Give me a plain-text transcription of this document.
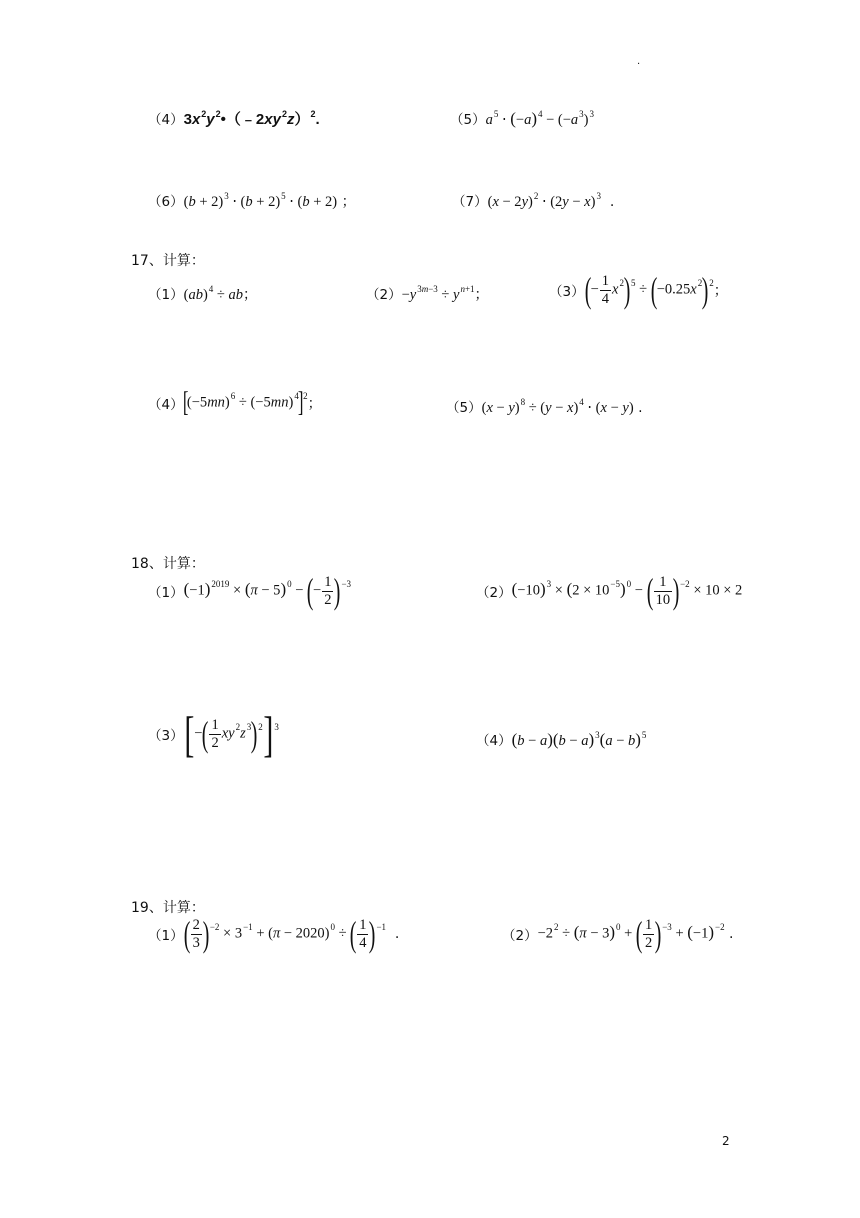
.
$(4)3x^2y^2•(﹣2xy^2z)^2$.	$(5)a^5 \cdot (-a)^4 - (-a^3)^3$
$(6)(b + 2)^3 \cdot (b + 2)^5 \cdot (b + 2)$ ；	$(7)(x - 2y)^2 \cdot (2y - x)^3$  .
17、计算：
（1）(ab)$^4$ ÷ ab；	$(2)-y^{3m-3} \div y^{n+1}$；	$(3)(- \frac{1}{4} x^2)^5 \div (-0.25x^2)^2$；
$(4)[(-5mn)^6 \div (-5mn)^4]^2$；	$(5)(x - y)^8 \div (y - x)^4 \cdot (x - y)$ .
18、计算：
$(1)(-1)^{2019} \times (\pi - 5)^0$ − (− $\frac{1}{2} )^{-3}$
$(2)(-10)^3 \times (2 \times 10^{-5})^0$ − ( $\frac{1}{10} )^{-2} \times 10 \times 2$
$(3)[-( \frac{1}{2} xy^2z^3)^2]^3$
$(4)(b - a)(b - a)^3(a - b)^5$
19、计算：
$(1)( \frac{2}{3} )^{-2} \times 3^{-1} + (\pi - 2020)^0$ ÷ ( $\frac{1}{4} )^{-1}$  .	$(2)-2^2 \div (\pi - 3)^0$ + ( $\frac{1}{2} )^{-3} + (-1)^{-2}$ .
2
